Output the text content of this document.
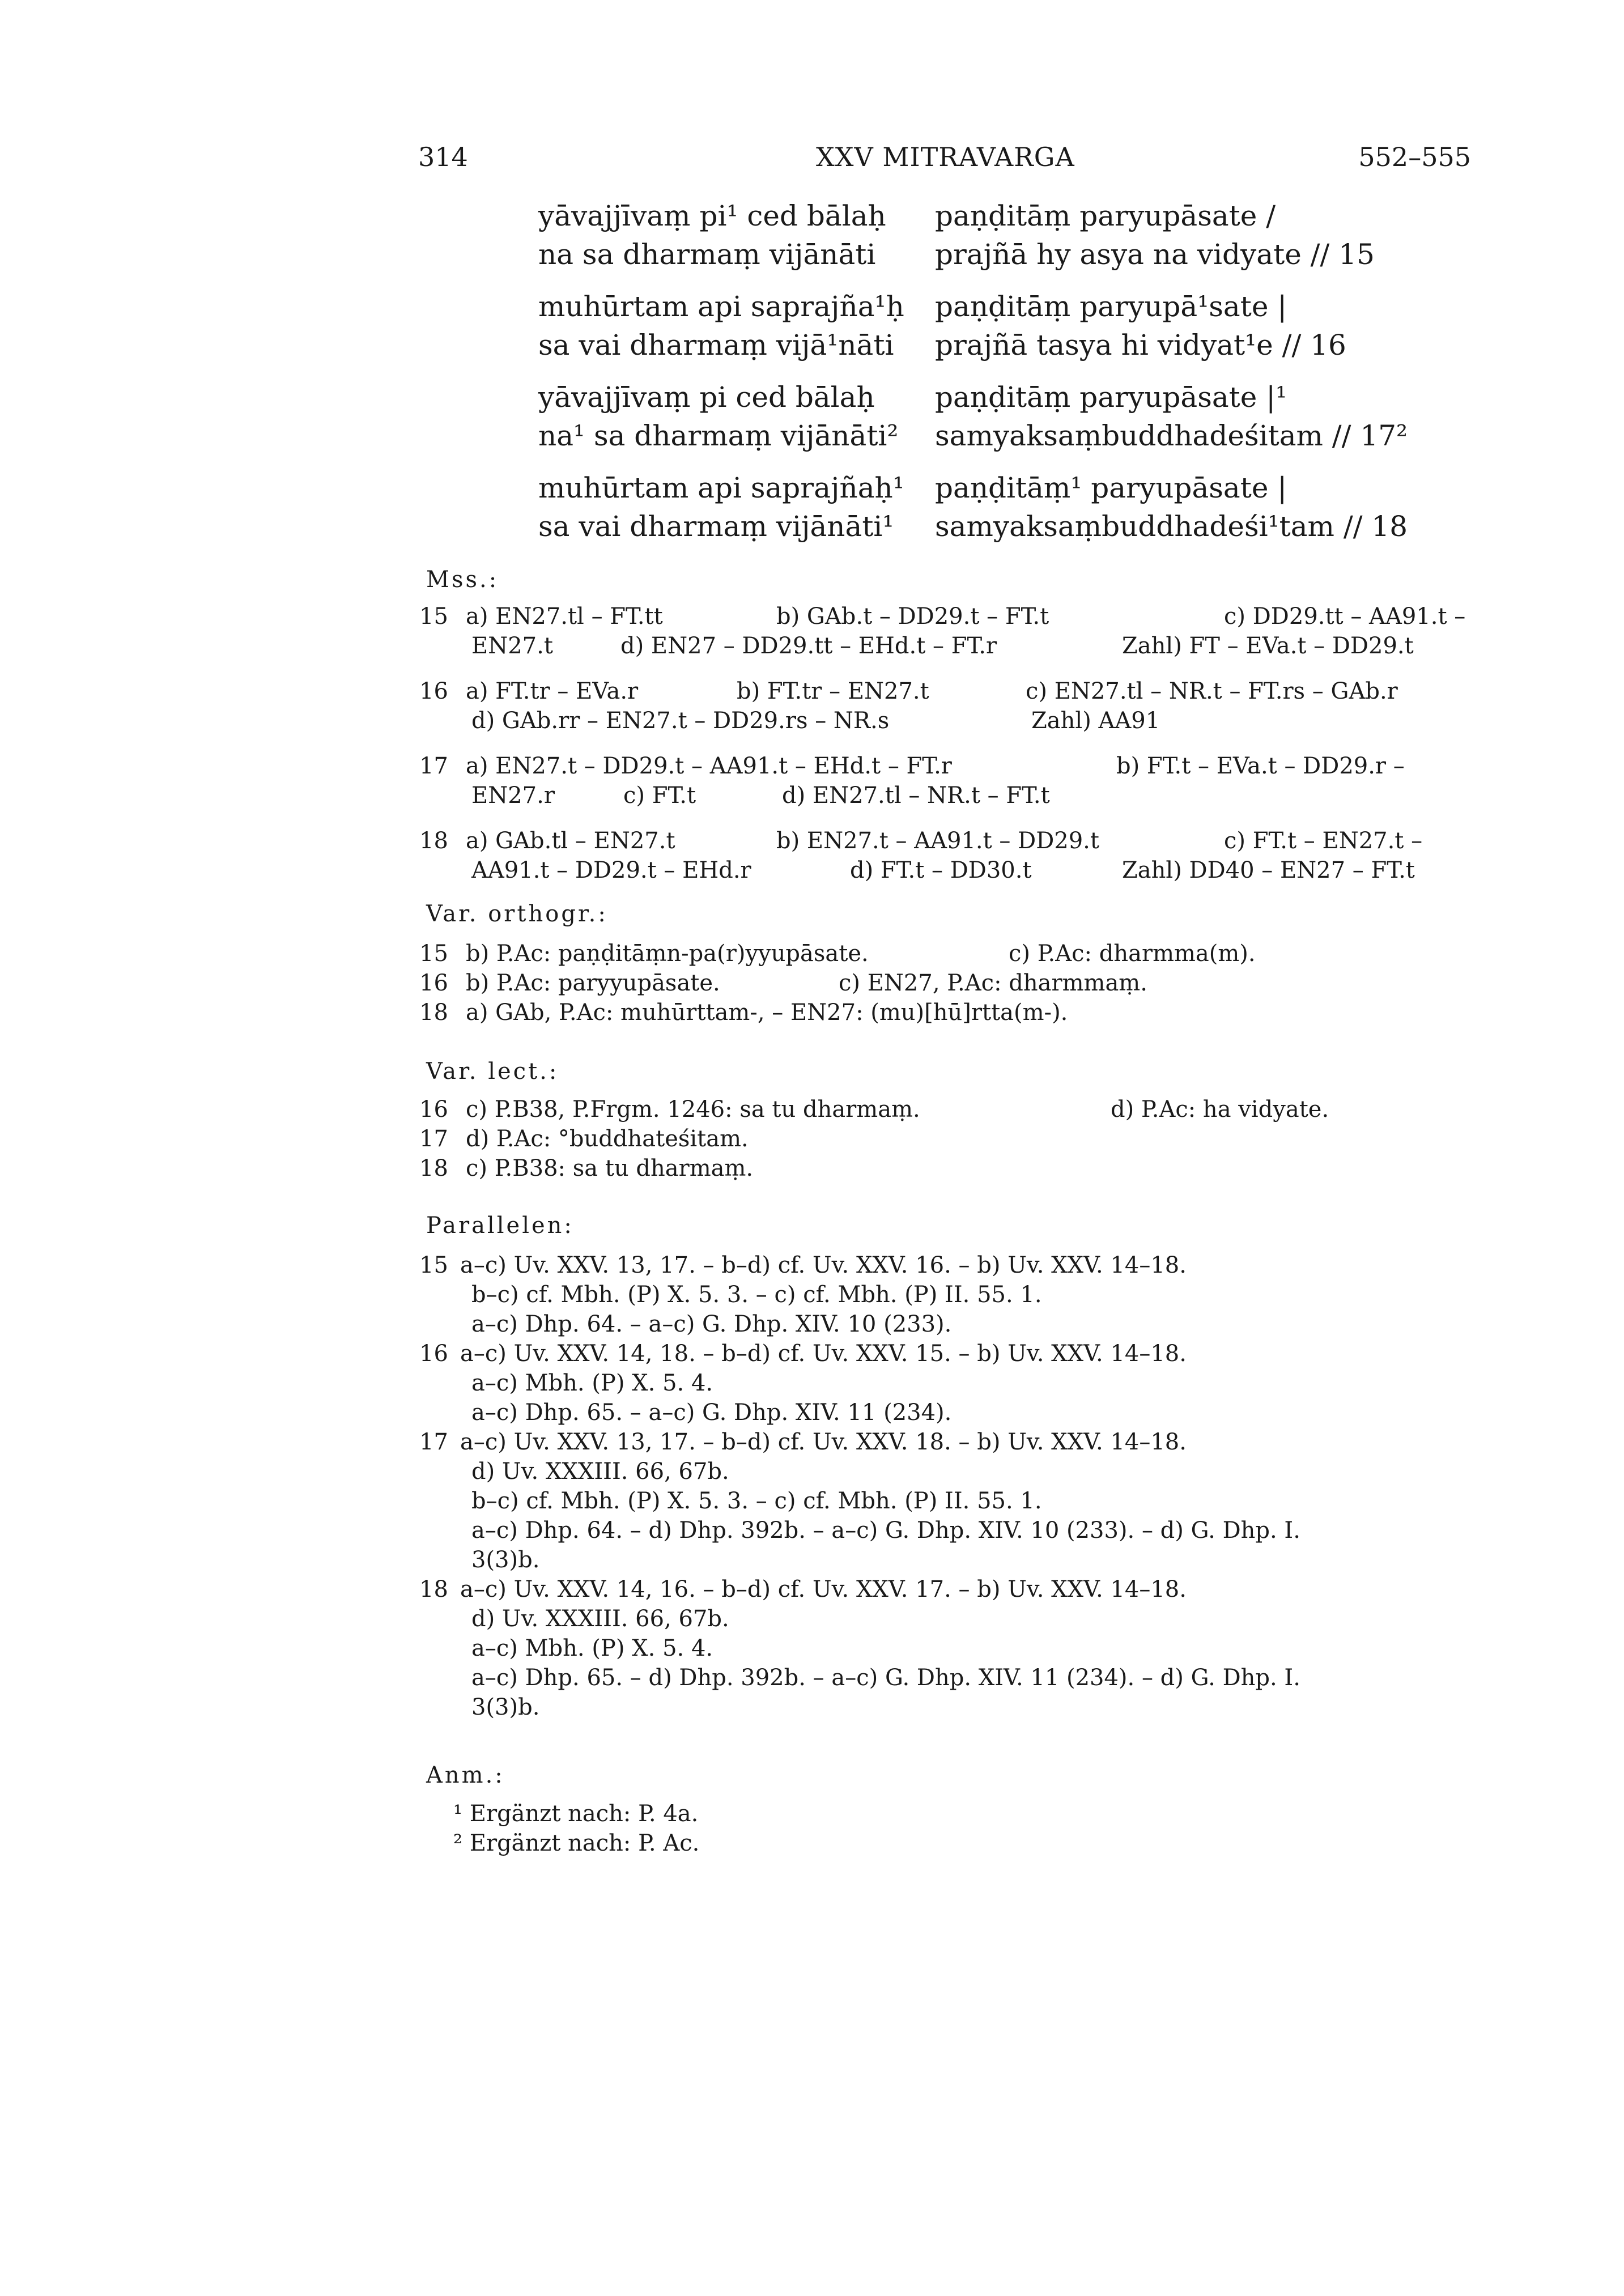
314	XXV MITRAVARGA	552–555
yāvajjīvaṃ pi¹ ced bālaḥ	paṇḍitāṃ paryupāsate /
na sa dharmaṃ vijānāti	prajñā hy asya na vidyate // 15
muhūrtam api saprajña¹ḥ	paṇḍitāṃ paryupā¹sate |
sa vai dharmaṃ vijā¹nāti	prajñā tasya hi vidyat¹e // 16
yāvajjīvaṃ pi ced bālaḥ	paṇḍitāṃ paryupāsate |¹
na¹ sa dharmaṃ vijānāti²	samyaksaṃbuddhadeśitam // 17²
muhūrtam api saprajñaḥ¹	paṇḍitāṃ¹ paryupāsate |
sa vai dharmaṃ vijānāti¹	samyaksaṃbuddhadeśi¹tam // 18
Mss.:
15 a) EN27.tl – FT.tt	b) GAb.t – DD29.t – FT.t	c) DD29.tt – AA91.t –
EN27.t	d) EN27 – DD29.tt – EHd.t – FT.r	Zahl) FT – EVa.t – DD29.t
16 a) FT.tr – EVa.r	b) FT.tr – EN27.t	c) EN27.tl – NR.t – FT.rs – GAb.r
d) GAb.rr – EN27.t – DD29.rs – NR.s	Zahl) AA91
17 a) EN27.t – DD29.t – AA91.t – EHd.t – FT.r	b) FT.t – EVa.t – DD29.r –
EN27.r	c) FT.t	d) EN27.tl – NR.t – FT.t
18 a) GAb.tl – EN27.t	b) EN27.t – AA91.t – DD29.t	c) FT.t – EN27.t –
AA91.t – DD29.t – EHd.r	d) FT.t – DD30.t	Zahl) DD40 – EN27 – FT.t
Var. orthogr.:
15 b) P.Ac: paṇḍitāṃn-pa(r)yyupāsate.	c) P.Ac: dharmma(m).
16 b) P.Ac: paryyupāsate.	c) EN27, P.Ac: dharmmaṃ.
18 a) GAb, P.Ac: muhūrttam-, – EN27: (mu)[hū]rtta(m-).
Var. lect.:
16 c) P.B38, P.Frgm. 1246: sa tu dharmaṃ.	d) P.Ac: ha vidyate.
17 d) P.Ac: °buddhateśitam.
18 c) P.B38: sa tu dharmaṃ.
Parallelen:
15 a–c) Uv. XXV. 13, 17. – b–d) cf. Uv. XXV. 16. – b) Uv. XXV. 14–18.
b–c) cf. Mbh. (P) X. 5. 3. – c) cf. Mbh. (P) II. 55. 1.
a–c) Dhp. 64. – a–c) G. Dhp. XIV. 10 (233).
16 a–c) Uv. XXV. 14, 18. – b–d) cf. Uv. XXV. 15. – b) Uv. XXV. 14–18.
a–c) Mbh. (P) X. 5. 4.
a–c) Dhp. 65. – a–c) G. Dhp. XIV. 11 (234).
17 a–c) Uv. XXV. 13, 17. – b–d) cf. Uv. XXV. 18. – b) Uv. XXV. 14–18.
d) Uv. XXXIII. 66, 67b.
b–c) cf. Mbh. (P) X. 5. 3. – c) cf. Mbh. (P) II. 55. 1.
a–c) Dhp. 64. – d) Dhp. 392b. – a–c) G. Dhp. XIV. 10 (233). – d) G. Dhp. I.
3(3)b.
18 a–c) Uv. XXV. 14, 16. – b–d) cf. Uv. XXV. 17. – b) Uv. XXV. 14–18.
d) Uv. XXXIII. 66, 67b.
a–c) Mbh. (P) X. 5. 4.
a–c) Dhp. 65. – d) Dhp. 392b. – a–c) G. Dhp. XIV. 11 (234). – d) G. Dhp. I.
3(3)b.
Anm.:
¹ Ergänzt nach: P. 4a.
² Ergänzt nach: P. Ac.
